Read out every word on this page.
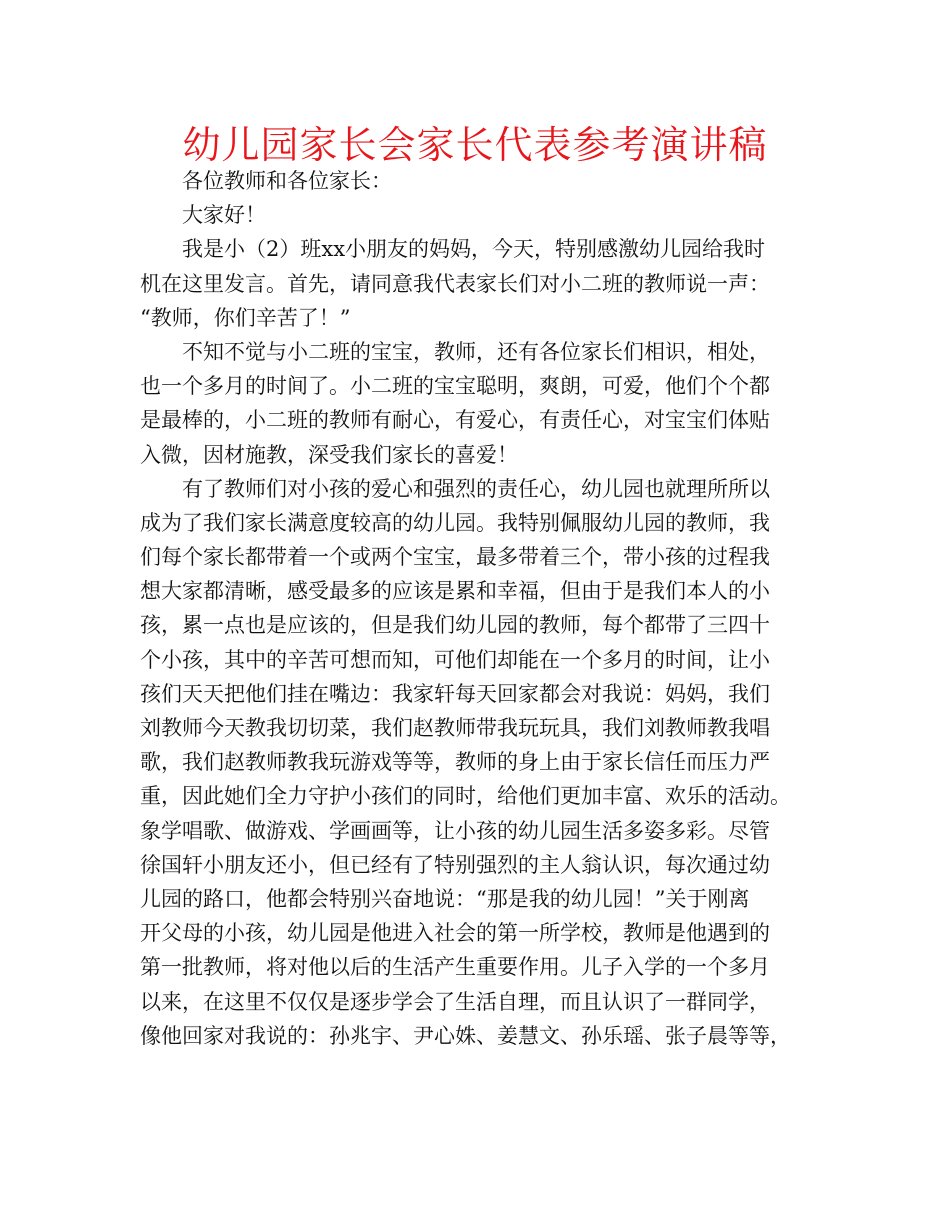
幼儿园家长会家长代表参考演讲稿
各位教师和各位家长：
大家好！
我是小（2）班xx小朋友的妈妈，今天，特别感激幼儿园给我时
机在这里发言。首先，请同意我代表家长们对小二班的教师说一声：
“教师，你们辛苦了！”
不知不觉与小二班的宝宝，教师，还有各位家长们相识，相处，
也一个多月的时间了。小二班的宝宝聪明，爽朗，可爱，他们个个都
是最棒的，小二班的教师有耐心，有爱心，有责任心，对宝宝们体贴
入微，因材施教，深受我们家长的喜爱！
有了教师们对小孩的爱心和强烈的责任心，幼儿园也就理所所以
成为了我们家长满意度较高的幼儿园。我特别佩服幼儿园的教师，我
们每个家长都带着一个或两个宝宝，最多带着三个，带小孩的过程我
想大家都清晰，感受最多的应该是累和幸福，但由于是我们本人的小
孩，累一点也是应该的，但是我们幼儿园的教师，每个都带了三四十
个小孩，其中的辛苦可想而知，可他们却能在一个多月的时间，让小
孩们天天把他们挂在嘴边：我家轩每天回家都会对我说：妈妈，我们
刘教师今天教我切切菜，我们赵教师带我玩玩具，我们刘教师教我唱
歌，我们赵教师教我玩游戏等等，教师的身上由于家长信任而压力严
重，因此她们全力守护小孩们的同时，给他们更加丰富、欢乐的活动。
象学唱歌、做游戏、学画画等，让小孩的幼儿园生活多姿多彩。尽管
徐国轩小朋友还小，但已经有了特别强烈的主人翁认识，每次通过幼
儿园的路口，他都会特别兴奋地说：“那是我的幼儿园！”关于刚离
开父母的小孩，幼儿园是他进入社会的第一所学校，教师是他遇到的
第一批教师，将对他以后的生活产生重要作用。儿子入学的一个多月
以来，在这里不仅仅是逐步学会了生活自理，而且认识了一群同学，
像他回家对我说的：孙兆宇、尹心姝、姜慧文、孙乐瑶、张子晨等等，
